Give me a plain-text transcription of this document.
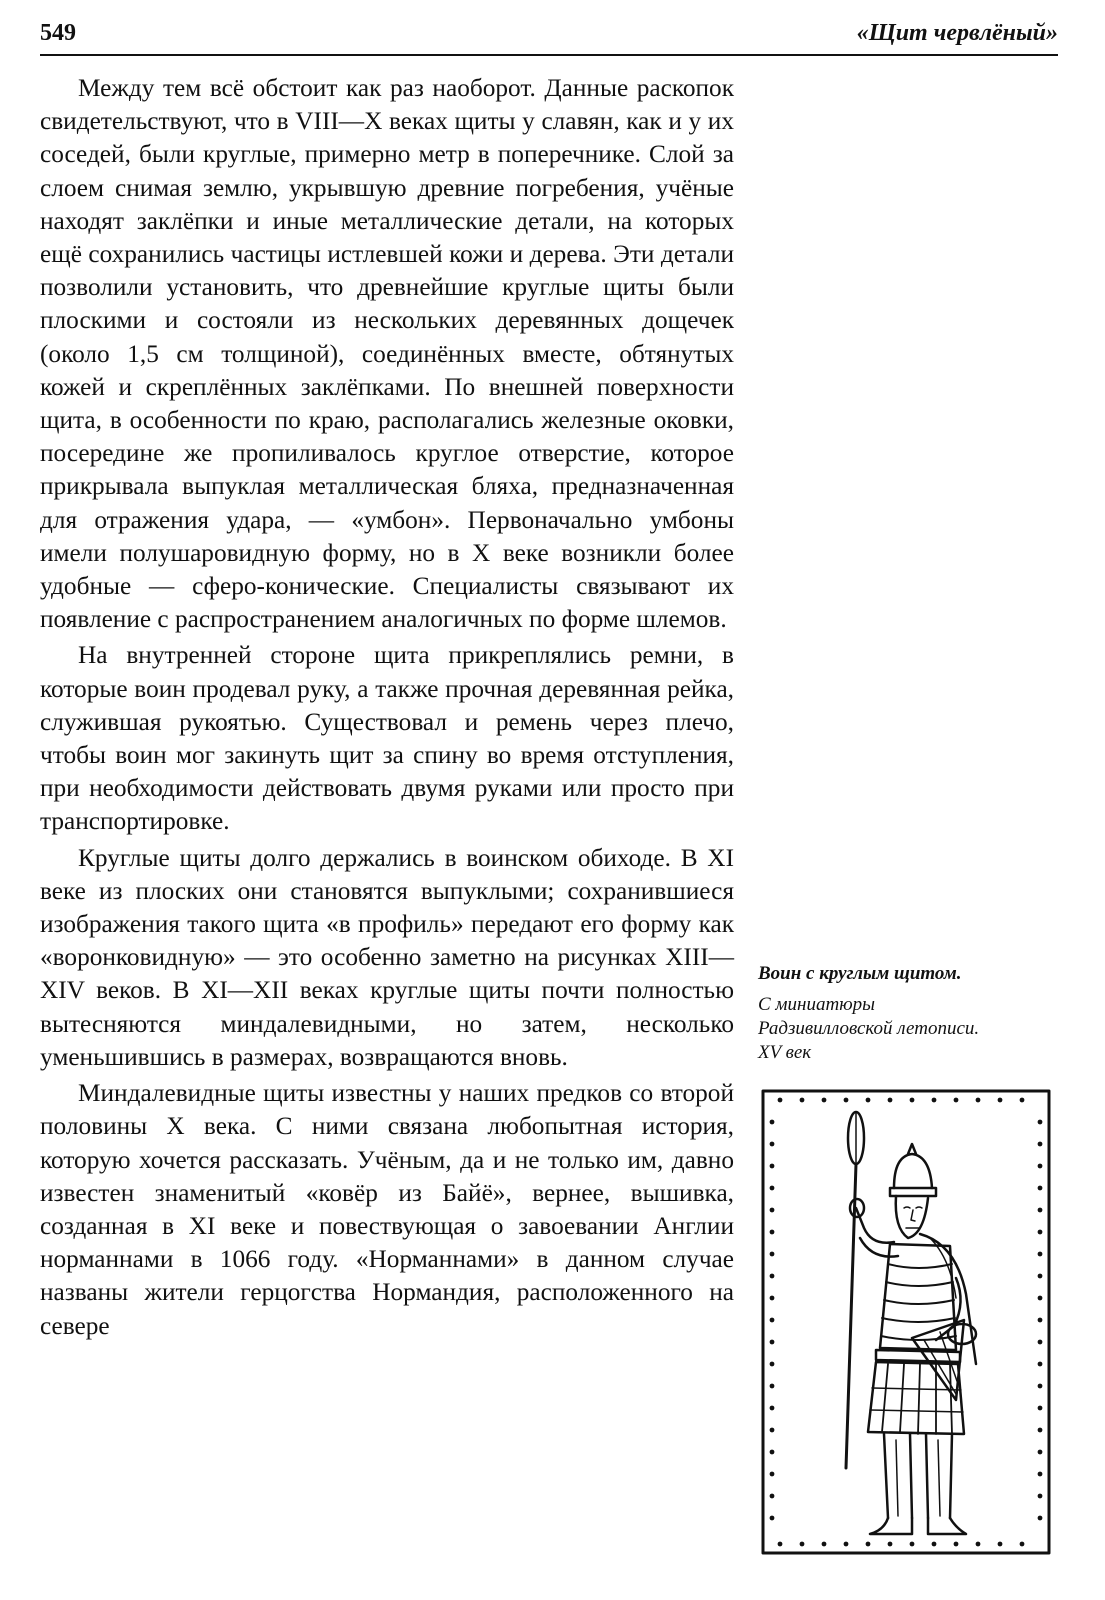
549	«Щит червлёный»

Между тем всё обстоит как раз наоборот. Данные раскопок свидетельствуют, что в VIII—X веках щиты у славян, как и у их соседей, были круглые, примерно метр в поперечнике. Слой за слоем снимая землю, укрывшую древние погребения, учёные находят заклёпки и иные металлические детали, на которых ещё сохранились частицы истлевшей кожи и дерева. Эти детали позволили установить, что древнейшие круглые щиты были плоскими и состояли из нескольких деревянных дощечек (около 1,5 см толщиной), соединённых вместе, обтянутых кожей и скреплённых заклёпками. По внешней поверхности щита, в особенности по краю, располагались железные оковки, посередине же пропиливалось круглое отверстие, которое прикрывала выпуклая металлическая бляха, предназначенная для отражения удара, — «умбон». Первоначально умбоны имели полушаровидную форму, но в X веке возникли более удобные — сферо-конические. Специалисты связывают их появление с распространением аналогичных по форме шлемов.

На внутренней стороне щита прикреплялись ремни, в которые воин продевал руку, а также прочная деревянная рейка, служившая рукоятью. Существовал и ремень через плечо, чтобы воин мог закинуть щит за спину во время отступления, при необходимости действовать двумя руками или просто при транспортировке.

Круглые щиты долго держались в воинском обиходе. В XI веке из плоских они становятся выпуклыми; сохранившиеся изображения такого щита «в профиль» передают его форму как «воронковидную» — это особенно заметно на рисунках XIII—XIV веков. В XI—XII веках круглые щиты почти полностью вытесняются миндалевидными, но затем, несколько уменьшившись в размерах, возвращаются вновь.

Миндалевидные щиты известны у наших предков со второй половины X века. С ними связана любопытная история, которую хочется рассказать. Учёным, да и не только им, давно известен знаменитый «ковёр из Байё», вернее, вышивка, созданная в XI веке и повествующая о завоевании Англии норманнами в 1066 году. «Норманнами» в данном случае названы жители герцогства Нормандия, расположенного на севере

Воин с круглым щитом.
С миниатюры
Радзивилловской летописи.
XV век
